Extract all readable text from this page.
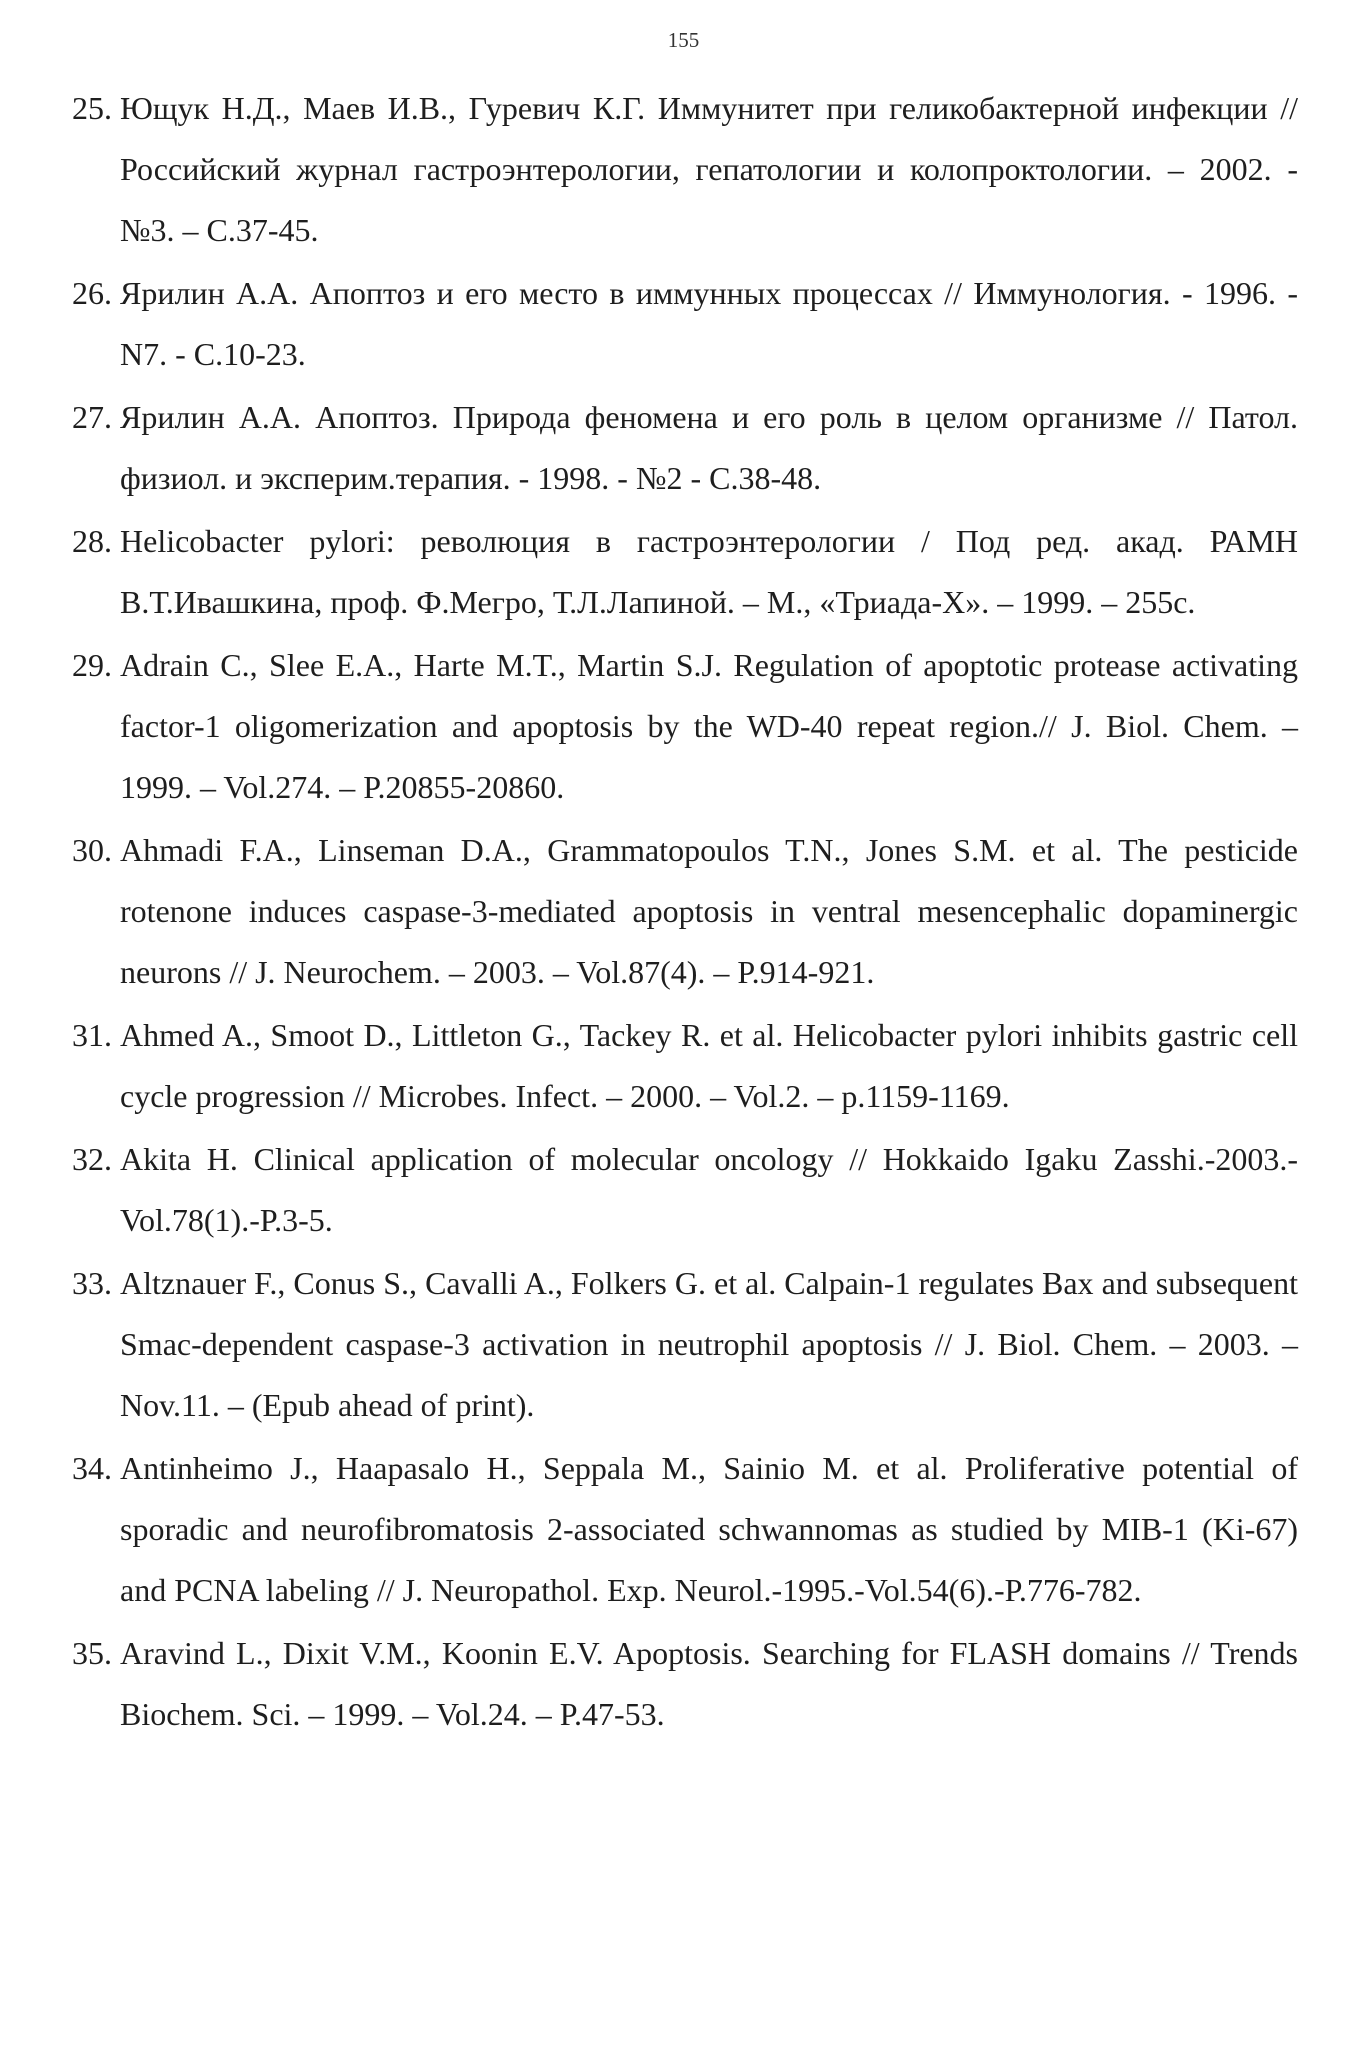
155
25. Ющук Н.Д., Маев И.В., Гуревич К.Г. Иммунитет при геликобактерной инфекции // Российский журнал гастроэнтерологии, гепатологии и колопроктологии. – 2002. - №3. – С.37-45.
26. Ярилин А.А. Апоптоз и его место в иммунных процессах // Иммунология. - 1996. - N7. - С.10-23.
27. Ярилин А.А. Апоптоз. Природа феномена и его роль в целом организме // Патол. физиол. и эксперим.терапия. - 1998. - №2 - С.38-48.
28. Helicobacter pylori: революция в гастроэнтерологии / Под ред. акад. РАМН В.Т.Ивашкина, проф. Ф.Мегро, Т.Л.Лапиной. – М., «Триада-Х». – 1999. – 255с.
29. Adrain C., Slee E.A., Harte M.T., Martin S.J. Regulation of apoptotic protease activating factor-1 oligomerization and apoptosis by the WD-40 repeat region.// J. Biol. Chem. – 1999. – Vol.274. – P.20855-20860.
30. Ahmadi F.A., Linseman D.A., Grammatopoulos T.N., Jones S.M. et al. The pesticide rotenone induces caspase-3-mediated apoptosis in ventral mesencephalic dopaminergic neurons // J. Neurochem. – 2003. – Vol.87(4). – P.914-921.
31. Ahmed A., Smoot D., Littleton G., Tackey R. et al. Helicobacter pylori inhibits gastric cell cycle progression // Microbes. Infect. – 2000. – Vol.2. – p.1159-1169.
32. Akita H. Clinical application of molecular oncology // Hokkaido Igaku Zasshi.-2003.-Vol.78(1).-P.3-5.
33. Altznauer F., Conus S., Cavalli A., Folkers G. et al. Calpain-1 regulates Bax and subsequent Smac-dependent caspase-3 activation in neutrophil apoptosis // J. Biol. Chem. – 2003. – Nov.11. – (Epub ahead of print).
34. Antinheimo J., Haapasalo H., Seppala M., Sainio M. et al. Proliferative potential of sporadic and neurofibromatosis 2-associated schwannomas as studied by MIB-1 (Ki-67) and PCNA labeling // J. Neuropathol. Exp. Neurol.-1995.-Vol.54(6).-P.776-782.
35. Aravind L., Dixit V.M., Koonin E.V. Apoptosis. Searching for FLASH domains // Trends Biochem. Sci. – 1999. – Vol.24. – P.47-53.
